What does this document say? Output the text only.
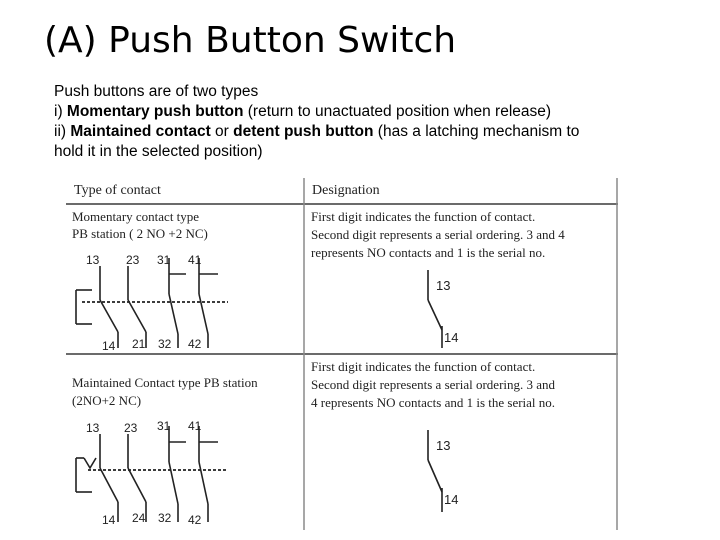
(A) Push Button Switch

Push buttons are of two types

i) Momentary push button (return to unactuated position when release)

ii) Maintained contact or detent push button (has a latching mechanism to

hold it in the selected position)

Type of contact	Designation
Momentary contact type
PB station ( 2 NO +2 NC)
First digit indicates the function of contact.
Second digit represents a serial ordering. 3 and 4
represents NO contacts and 1 is the serial no.
13 23 31 41
14 21 32 42
13
14
Maintained Contact type PB station
(2NO+2 NC)
First digit indicates the function of contact.
Second digit represents a serial ordering. 3 and
4 represents NO contacts and 1 is the serial no.
13 23 31 41
14 24 32 42
13
14
